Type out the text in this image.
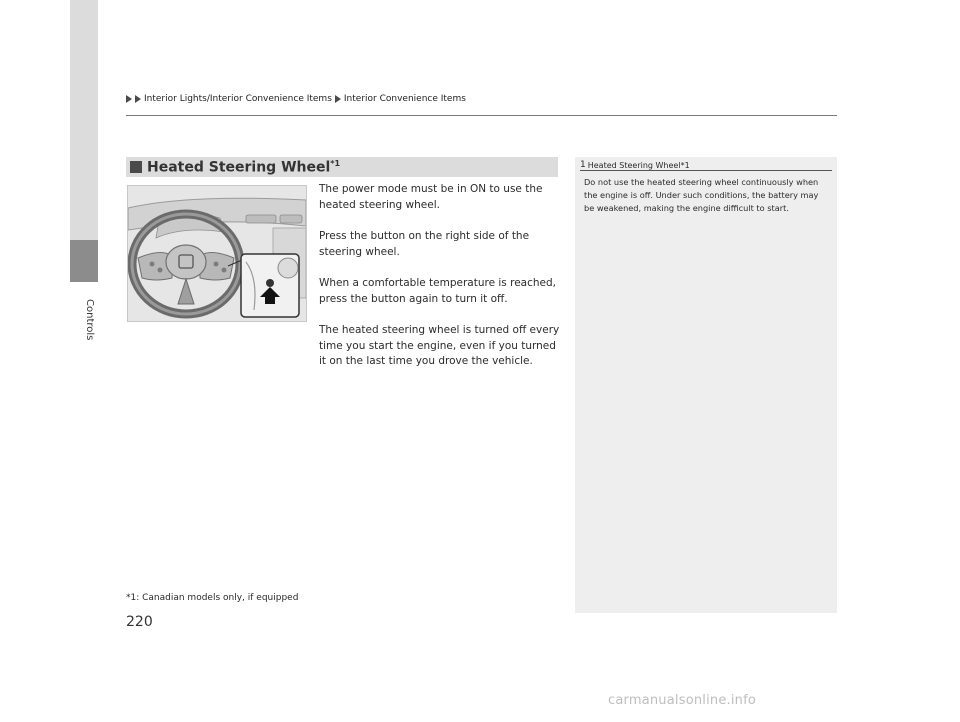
Controls
Interior Lights/Interior Convenience Items Interior Convenience Items
Heated Steering Wheel$^{*1}$

The power mode must be in ON to use the heated steering wheel.

Press the button on the right side of the steering wheel.

When a comfortable temperature is reached, press the button again to turn it off.

The heated steering wheel is turned off every time you start the engine, even if you turned it on the last time you drove the vehicle.

*1: Canadian models only, if equipped
220
1 Heated Steering Wheel *1

Do not use the heated steering wheel continuously when the engine is off. Under such conditions, the battery may be weakened, making the engine difficult to start.

carmanualsonline.info
